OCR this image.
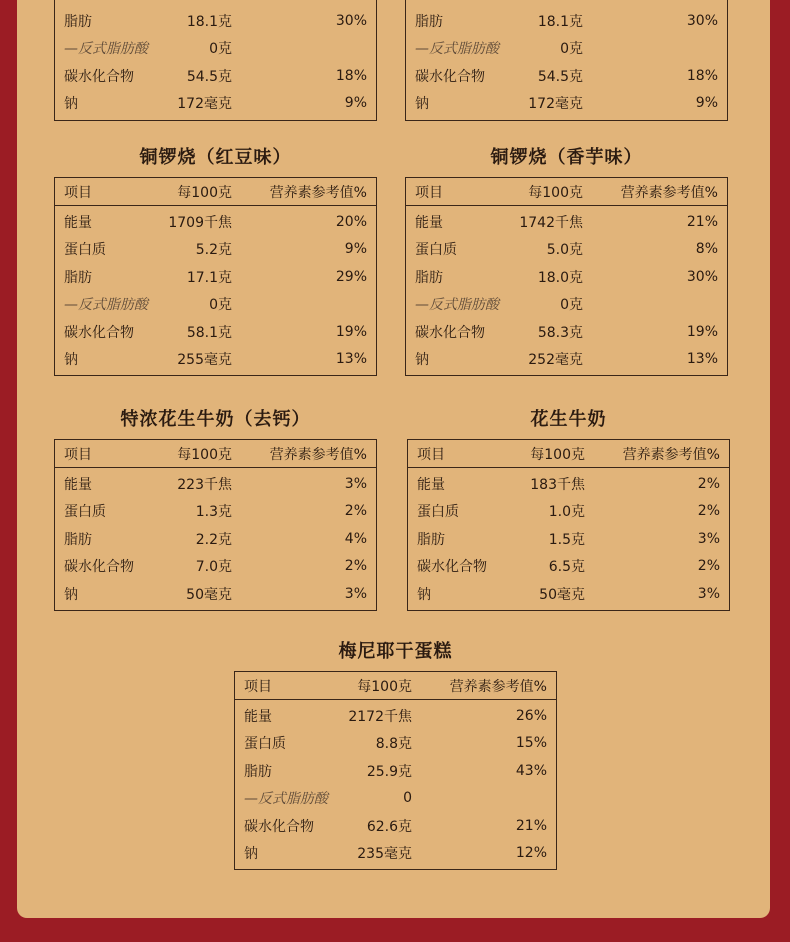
脂肪	18.1克	30%
—反式脂肪酸	0克
碳水化合物	54.5克	18%
钠	172毫克	9%
脂肪	18.1克	30%
—反式脂肪酸	0克
碳水化合物	54.5克	18%
钠	172毫克	9%
铜锣烧（红豆味）
项目	每100克	营养素参考值%
能量	1709千焦	20%
蛋白质	5.2克	9%
脂肪	17.1克	29%
—反式脂肪酸	0克
碳水化合物	58.1克	19%
钠	255毫克	13%
铜锣烧（香芋味）
项目	每100克	营养素参考值%
能量	1742千焦	21%
蛋白质	5.0克	8%
脂肪	18.0克	30%
—反式脂肪酸	0克
碳水化合物	58.3克	19%
钠	252毫克	13%
特浓花生牛奶（去钙）
项目	每100克	营养素参考值%
能量	223千焦	3%
蛋白质	1.3克	2%
脂肪	2.2克	4%
碳水化合物	7.0克	2%
钠	50毫克	3%
花生牛奶
项目	每100克	营养素参考值%
能量	183千焦	2%
蛋白质	1.0克	2%
脂肪	1.5克	3%
碳水化合物	6.5克	2%
钠	50毫克	3%
梅尼耶干蛋糕
项目	每100克	营养素参考值%
能量	2172千焦	26%
蛋白质	8.8克	15%
脂肪	25.9克	43%
—反式脂肪酸	0
碳水化合物	62.6克	21%
钠	235毫克	12%
